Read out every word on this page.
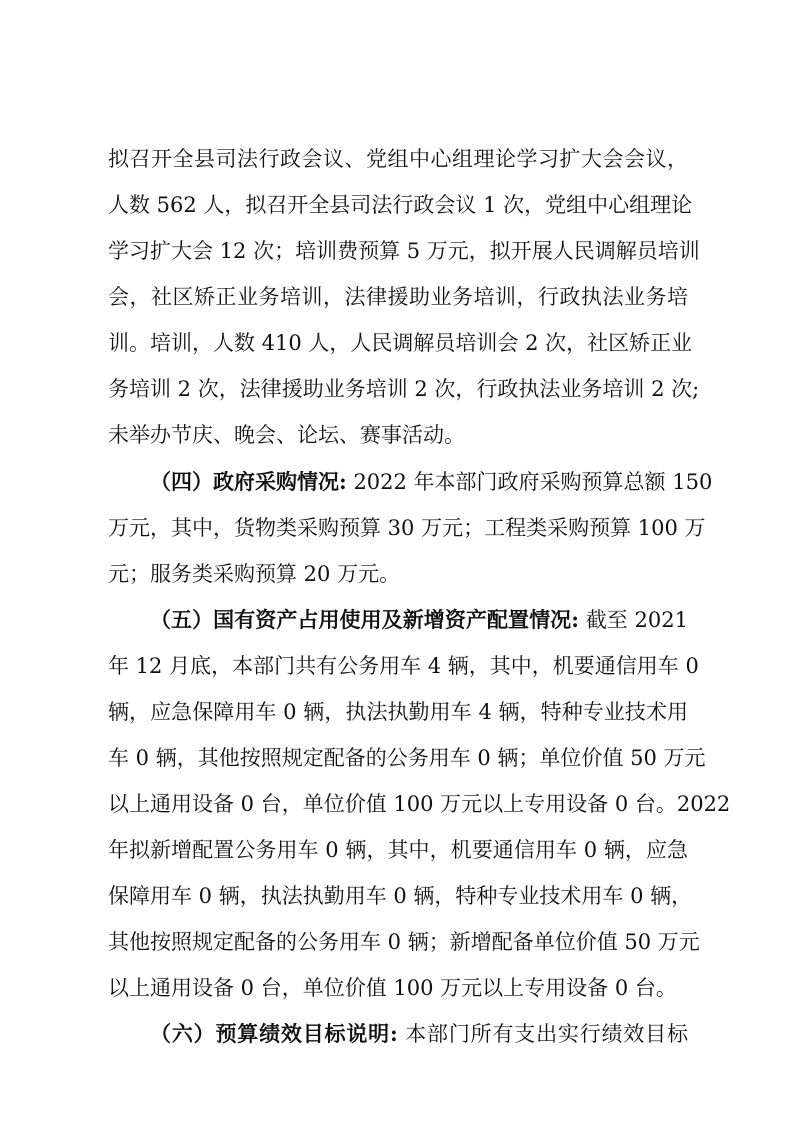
拟召开全县司法行政会议、党组中心组理论学习扩大会会议，
人数 562 人，拟召开全县司法行政会议 1 次，党组中心组理论
学习扩大会 12 次；培训费预算 5 万元，拟开展人民调解员培训
会，社区矫正业务培训，法律援助业务培训，行政执法业务培
训。培训，人数 410 人，人民调解员培训会 2 次，社区矫正业
务培训 2 次，法律援助业务培训 2 次，行政执法业务培训 2 次;
未举办节庆、晚会、论坛、赛事活动。
（四）政府采购情况: 2022 年本部门政府采购预算总额 150
万元，其中，货物类采购预算 30 万元；工程类采购预算 100 万
元；服务类采购预算 20 万元。
（五）国有资产占用使用及新增资产配置情况: 截至 2021
年 12 月底，本部门共有公务用车 4 辆，其中，机要通信用车 0
辆，应急保障用车 0 辆，执法执勤用车 4 辆，特种专业技术用
车 0 辆，其他按照规定配备的公务用车 0 辆；单位价值 50 万元
以上通用设备 0 台，单位价值 100 万元以上专用设备 0 台。2022
年拟新增配置公务用车 0 辆，其中，机要通信用车 0 辆，应急
保障用车 0 辆，执法执勤用车 0 辆，特种专业技术用车 0 辆，
其他按照规定配备的公务用车 0 辆；新增配备单位价值 50 万元
以上通用设备 0 台，单位价值 100 万元以上专用设备 0 台。
（六）预算绩效目标说明: 本部门所有支出实行绩效目标
